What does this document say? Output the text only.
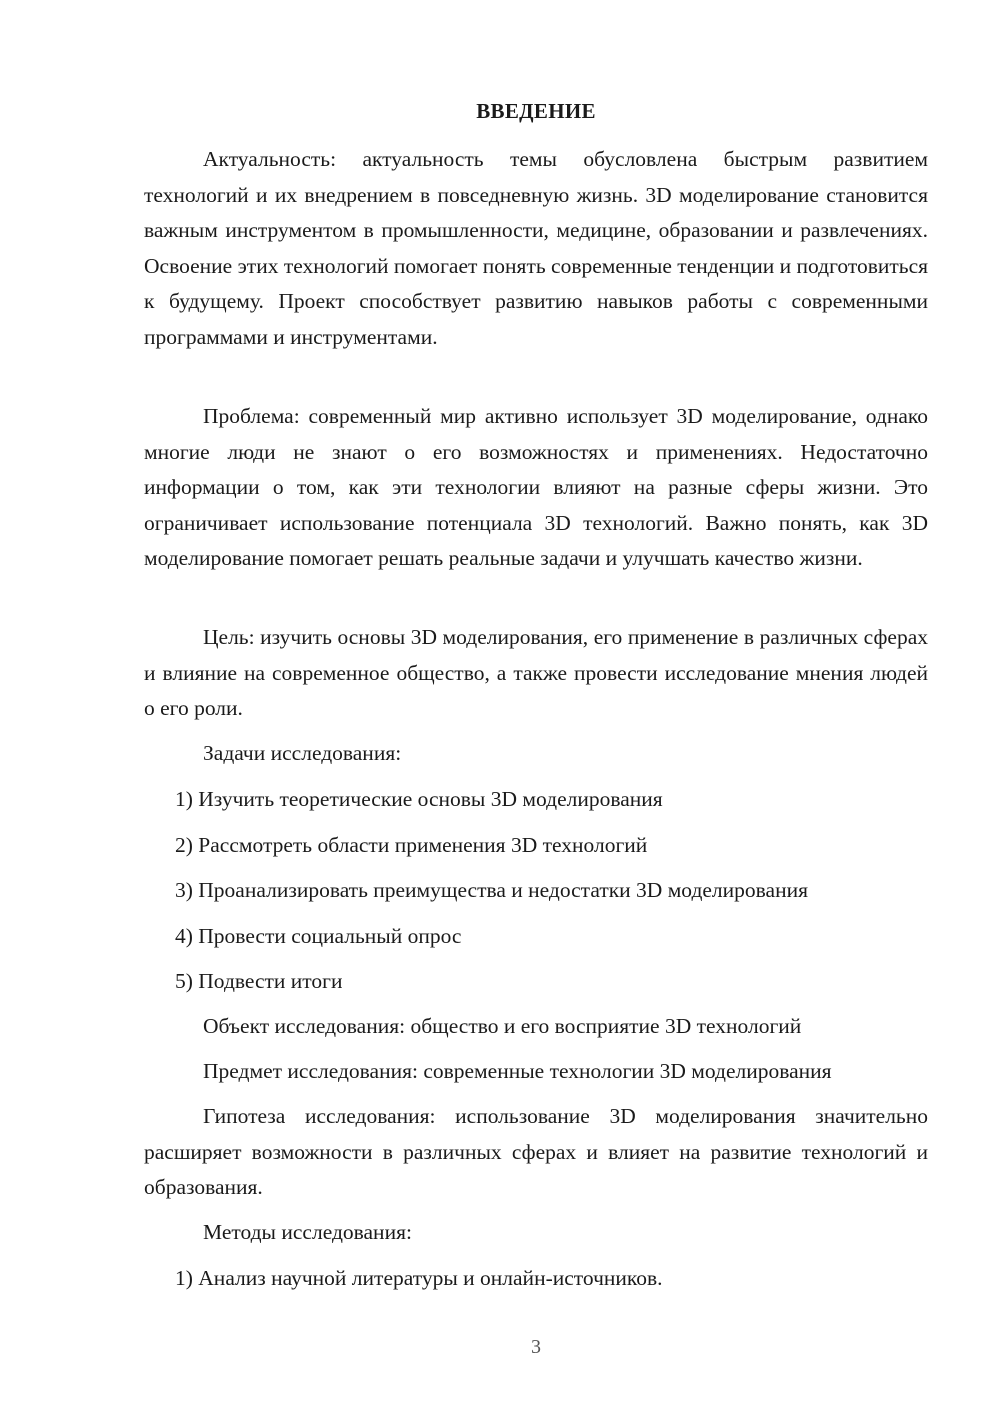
ВВЕДЕНИЕ

Актуальность: актуальность темы обусловлена быстрым развитием технологий и их внедрением в повседневную жизнь. 3D моделирование становится важным инструментом в промышленности, медицине, образовании и развлечениях. Освоение этих технологий помогает понять современные тенденции и подготовиться к будущему. Проект способствует развитию навыков работы с современными программами и инструментами.

Проблема: современный мир активно использует 3D моделирование, однако многие люди не знают о его возможностях и применениях. Недостаточно информации о том, как эти технологии влияют на разные сферы жизни. Это ограничивает использование потенциала 3D технологий. Важно понять, как 3D моделирование помогает решать реальные задачи и улучшать качество жизни.

Цель: изучить основы 3D моделирования, его применение в различных сферах и влияние на современное общество, а также провести исследование мнения людей о его роли.

Задачи исследования:

1) Изучить теоретические основы 3D моделирования

2) Рассмотреть области применения 3D технологий

3) Проанализировать преимущества и недостатки 3D моделирования

4) Провести социальный опрос

5) Подвести итоги

Объект исследования: общество и его восприятие 3D технологий

Предмет исследования: современные технологии 3D моделирования

Гипотеза исследования: использование 3D моделирования значительно расширяет возможности в различных сферах и влияет на развитие технологий и образования.

Методы исследования:

1) Анализ научной литературы и онлайн-источников.

3
